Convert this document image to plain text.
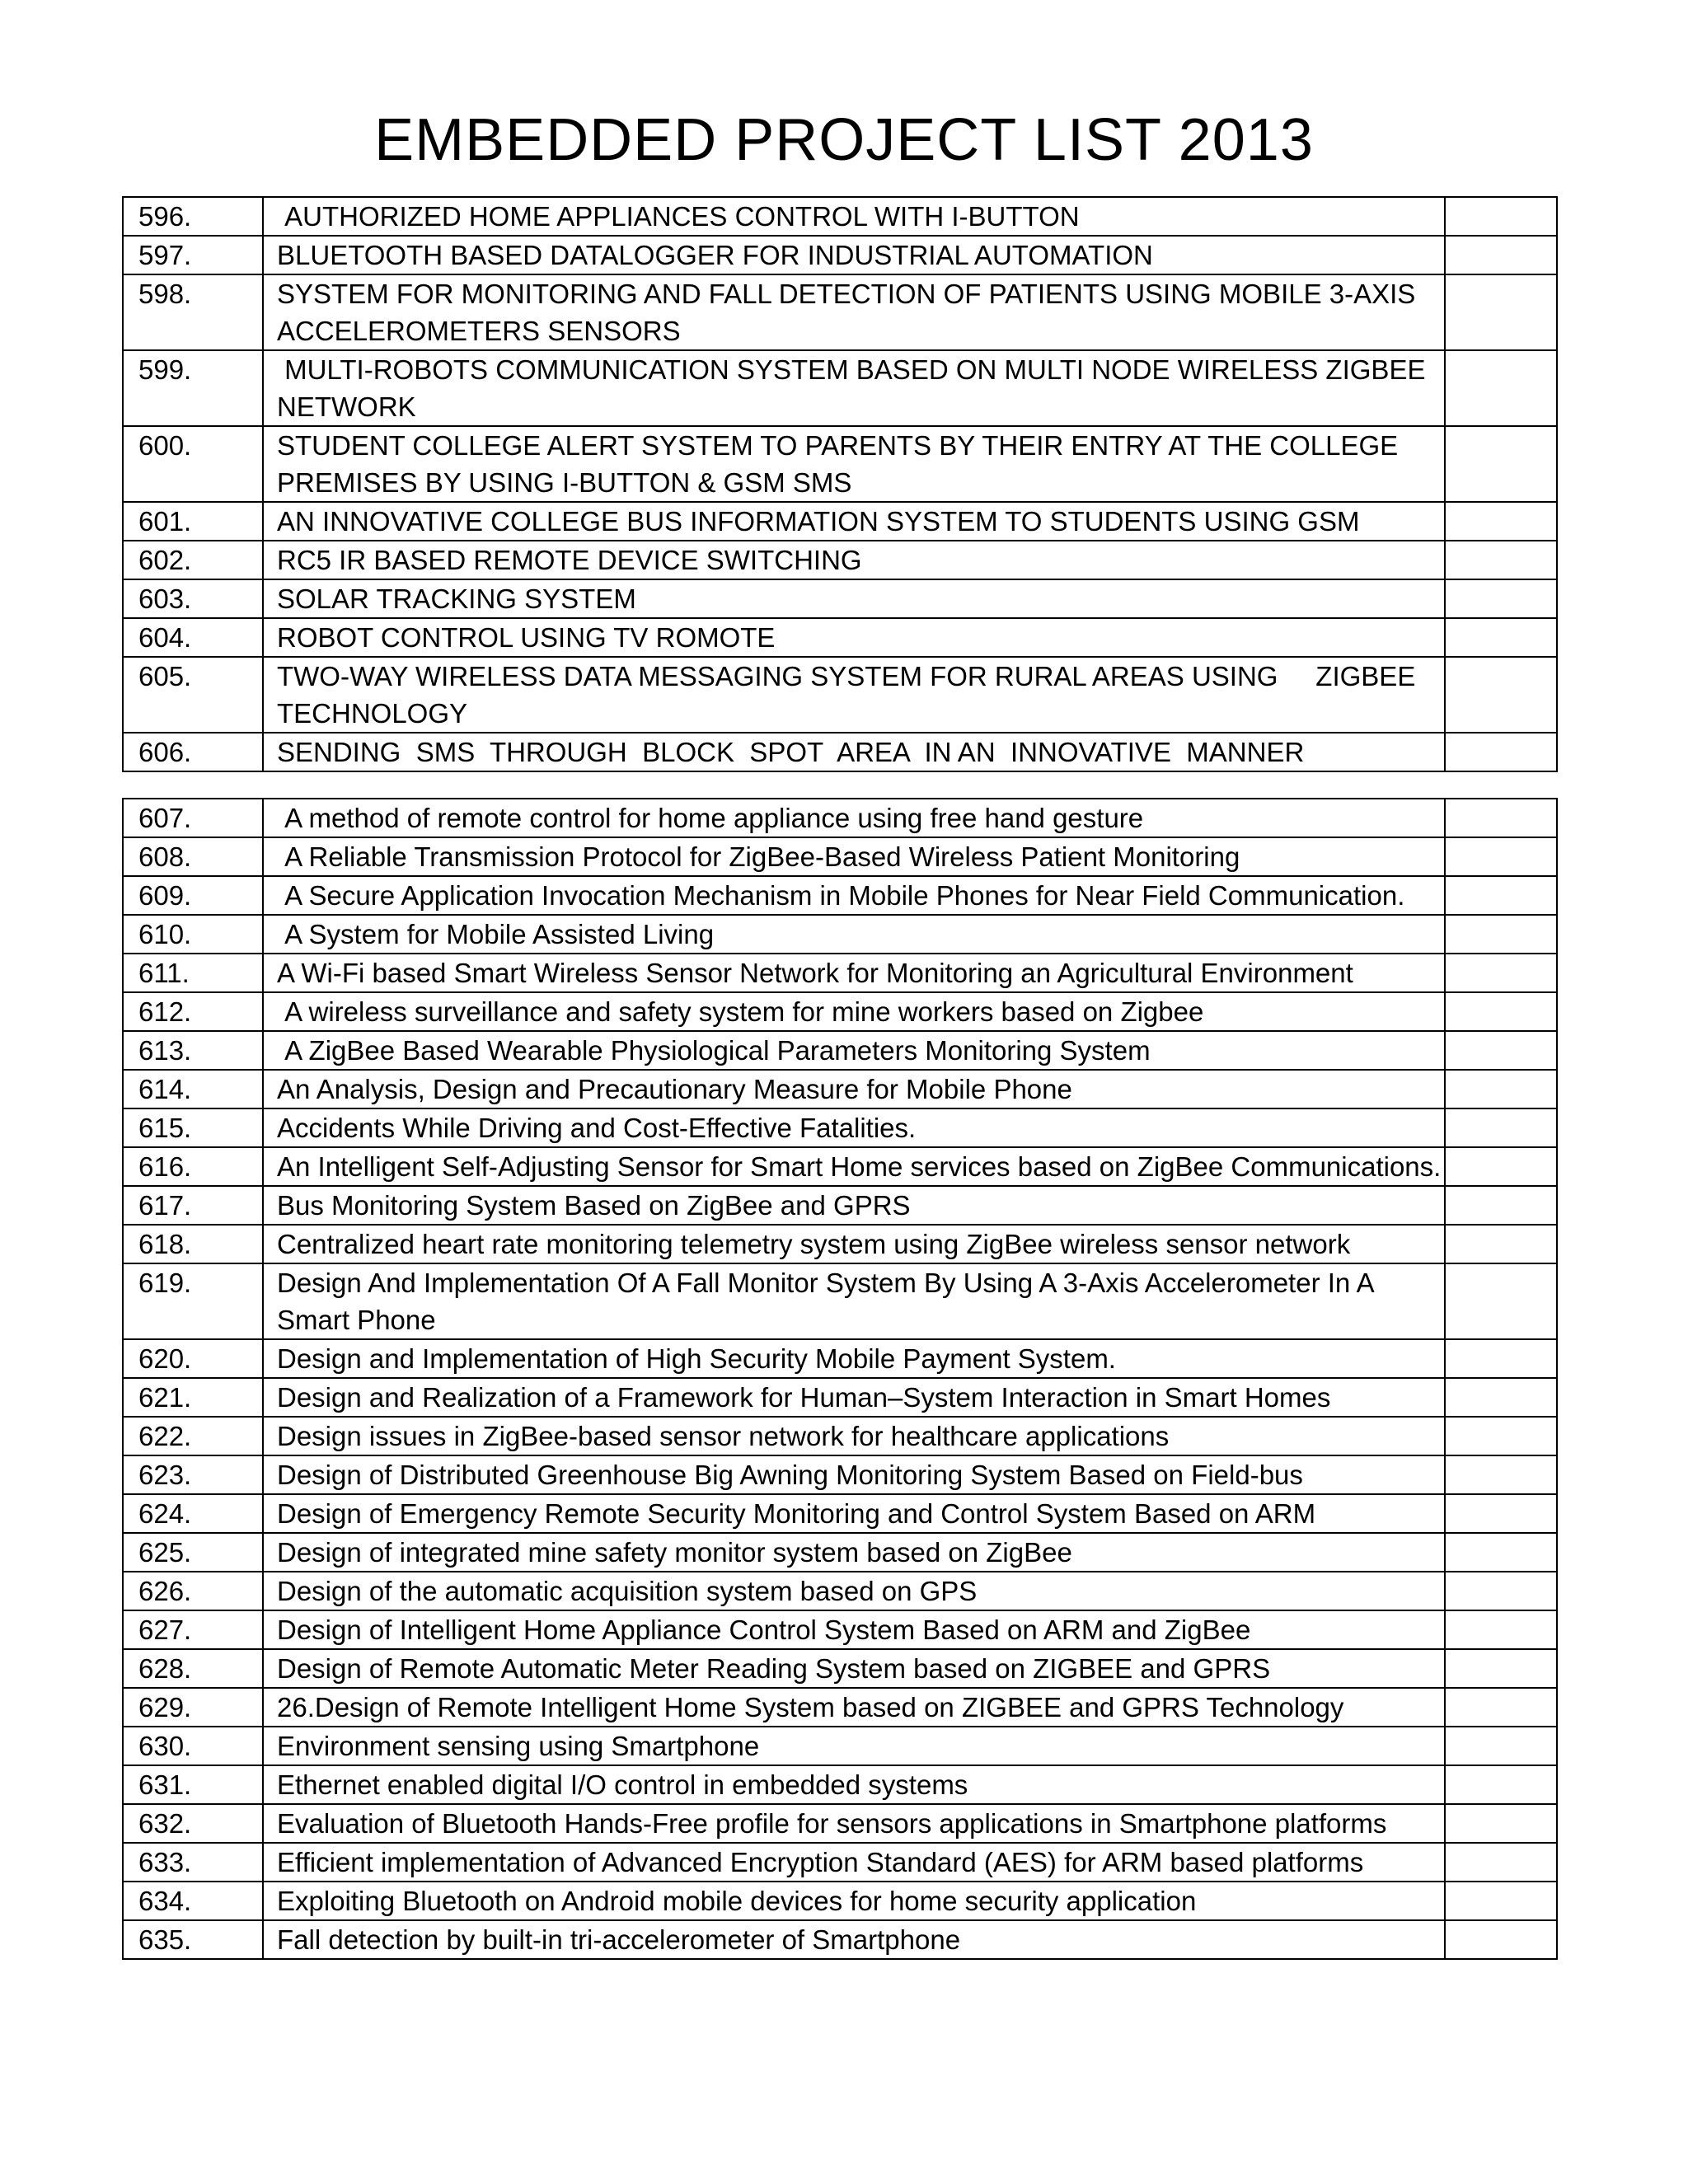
EMBEDDED PROJECT LIST 2013
596.	AUTHORIZED HOME APPLIANCES CONTROL WITH I-BUTTON	
597.	BLUETOOTH BASED DATALOGGER FOR INDUSTRIAL AUTOMATION	
598.	SYSTEM FOR MONITORING AND FALL DETECTION OF PATIENTS USING MOBILE 3-AXIS ACCELEROMETERS SENSORS	
599.	MULTI-ROBOTS COMMUNICATION SYSTEM BASED ON MULTI NODE WIRELESS ZIGBEE NETWORK	
600.	STUDENT COLLEGE ALERT SYSTEM TO PARENTS BY THEIR ENTRY AT THE COLLEGE PREMISES BY USING I-BUTTON & GSM SMS	
601.	AN INNOVATIVE COLLEGE BUS INFORMATION SYSTEM TO STUDENTS USING GSM	
602.	RC5 IR BASED REMOTE DEVICE SWITCHING	
603.	SOLAR TRACKING SYSTEM	
604.	ROBOT CONTROL USING TV ROMOTE	
605.	TWO-WAY WIRELESS DATA MESSAGING SYSTEM FOR RURAL AREAS USING     ZIGBEE TECHNOLOGY	
606.	SENDING  SMS  THROUGH  BLOCK  SPOT  AREA  IN AN  INNOVATIVE  MANNER	
607.	A method of remote control for home appliance using free hand gesture	
608.	A Reliable Transmission Protocol for ZigBee-Based Wireless Patient Monitoring	
609.	A Secure Application Invocation Mechanism in Mobile Phones for Near Field Communication.	
610.	A System for Mobile Assisted Living	
611.	A Wi-Fi based Smart Wireless Sensor Network for Monitoring an Agricultural Environment	
612.	A wireless surveillance and safety system for mine workers based on Zigbee	
613.	A ZigBee Based Wearable Physiological Parameters Monitoring System	
614.	An Analysis, Design and Precautionary Measure for Mobile Phone	
615.	Accidents While Driving and Cost-Effective Fatalities.	
616.	An Intelligent Self-Adjusting Sensor for Smart Home services based on ZigBee Communications.	
617.	Bus Monitoring System Based on ZigBee and GPRS	
618.	Centralized heart rate monitoring telemetry system using ZigBee wireless sensor network	
619.	Design And Implementation Of A Fall Monitor System By Using A 3-Axis Accelerometer In A Smart Phone	
620.	Design and Implementation of High Security Mobile Payment System.	
621.	Design and Realization of a Framework for Human–System Interaction in Smart Homes	
622.	Design issues in ZigBee-based sensor network for healthcare applications	
623.	Design of Distributed Greenhouse Big Awning Monitoring System Based on Field-bus	
624.	Design of Emergency Remote Security Monitoring and Control System Based on ARM	
625.	Design of integrated mine safety monitor system based on ZigBee	
626.	Design of the automatic acquisition system based on GPS	
627.	Design of Intelligent Home Appliance Control System Based on ARM and ZigBee	
628.	Design of Remote Automatic Meter Reading System based on ZIGBEE and GPRS	
629.	26.Design of Remote Intelligent Home System based on ZIGBEE and GPRS Technology	
630.	Environment sensing using Smartphone	
631.	Ethernet enabled digital I/O control in embedded systems	
632.	Evaluation of Bluetooth Hands-Free profile for sensors applications in Smartphone platforms	
633.	Efficient implementation of Advanced Encryption Standard (AES) for ARM based platforms	
634.	Exploiting Bluetooth on Android mobile devices for home security application	
635.	Fall detection by built-in tri-accelerometer of Smartphone	
